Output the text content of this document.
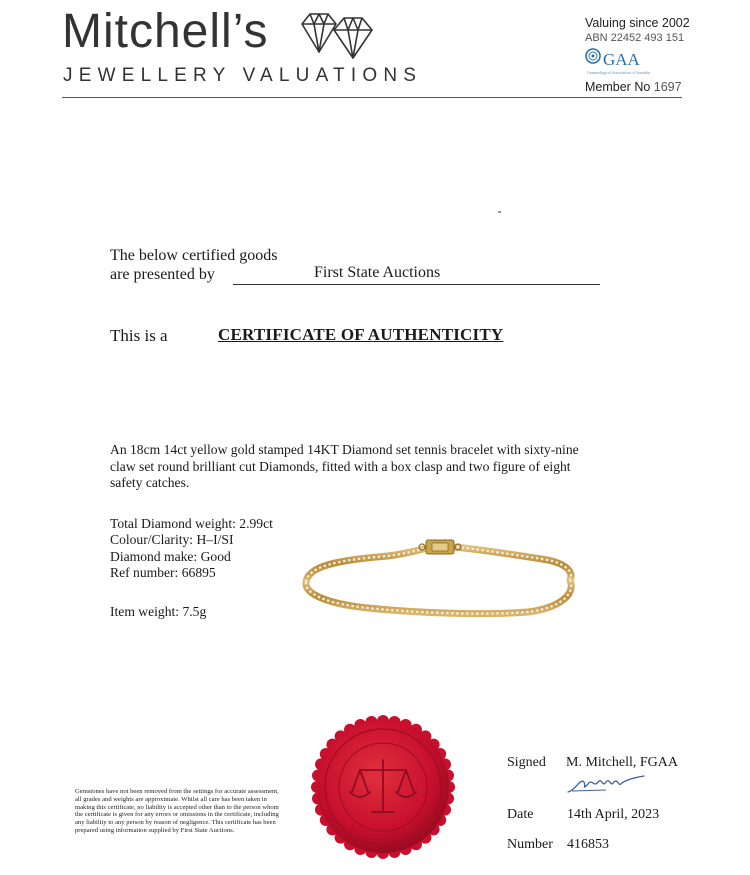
Mitchell’s
JEWELLERY VALUATIONS
Valuing since 2002
ABN 22452 493 151
GAA
Gemmological Association of Australia
Member No 1697
The below certified goods
are presented by	First State Auctions
This is a	CERTIFICATE OF AUTHENTICITY
An 18cm 14ct yellow gold stamped 14KT Diamond set tennis bracelet with sixty-nine claw set round brilliant cut Diamonds, fitted with a box clasp and two figure of eight safety catches.
Total Diamond weight: 2.99ct
Colour/Clarity: H–I/SI
Diamond make: Good
Ref number: 66895
Item weight: 7.5g
Gemstones have not been removed from the settings for accurate assessment, all grades and weights are approximate. Whilst all care has been taken in making this certificate, no liability is accepted other than to the person whom the certificate is given for any errors or omissions in the certificate, including any liability to any person by reason of negligence. This certificate has been prepared using information supplied by First State Auctions.
Signed M. Mitchell, FGAA
Date 14th April, 2023
Number 416853
